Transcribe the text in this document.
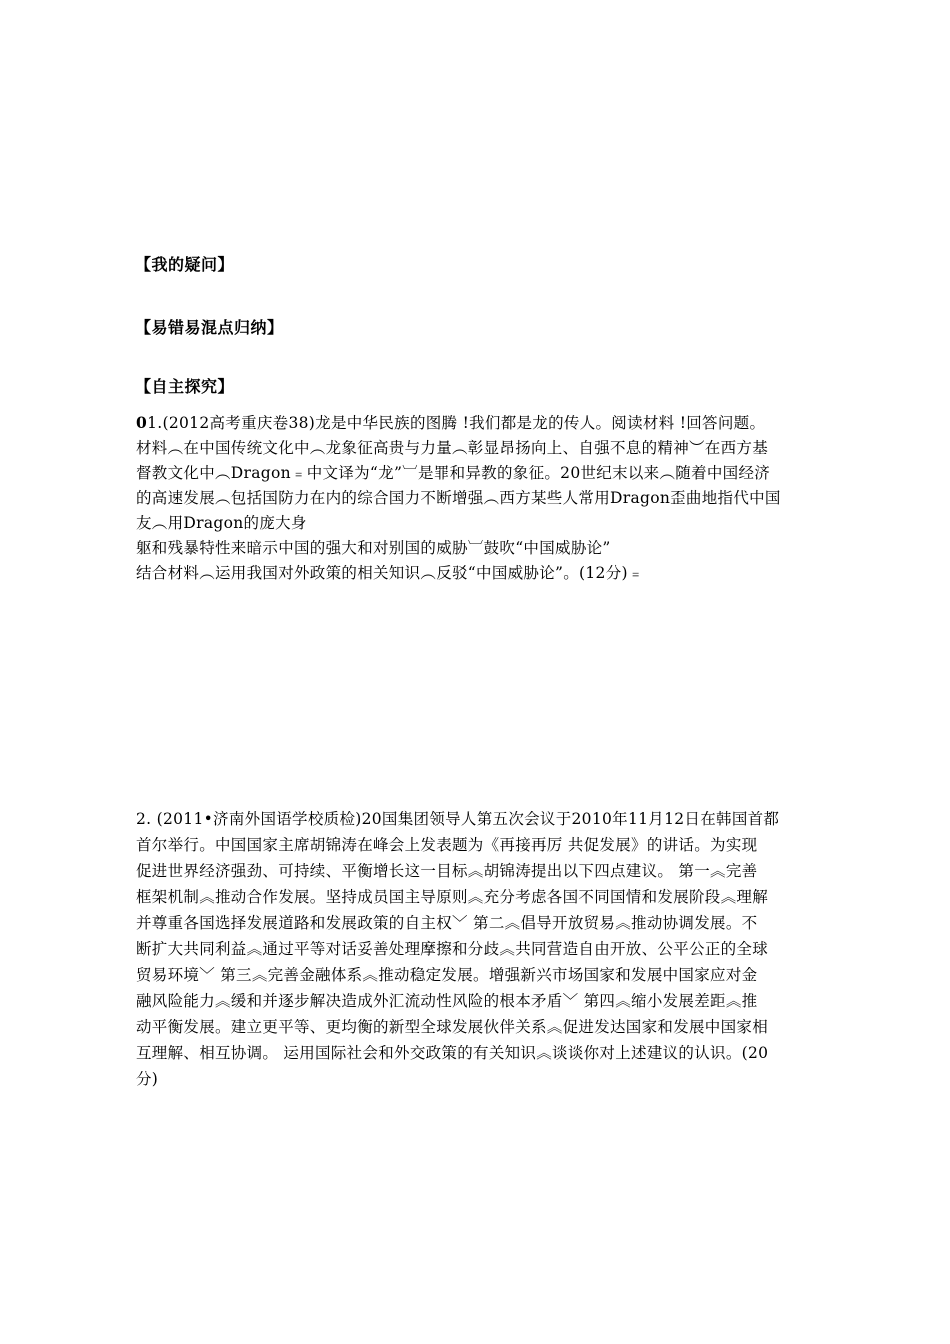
【我的疑问】
【易错易混点归纳】
【自主探究】
01.(2012高考重庆卷38)龙是中华民族的图腾 !我们都是龙的传人。阅读材料 !回答问题。
材料︵在中国传统文化中︵龙象征高贵与力量︵彰显昂扬向上、自强不息的精神︶在西方基
督教文化中︵Dragon﹦中文译为“龙”︺是罪和异教的象征。20世纪末以来︵随着中国经济
的高速发展︵包括国防力在内的综合国力不断增强︵西方某些人常用Dragon歪曲地指代中国
友︵用Dragon的庞大身
躯和残暴特性来暗示中国的强大和对别国的威胁︺鼓吹“中国威胁论”
结合材料︵运用我国对外政策的相关知识︵反驳“中国威胁论”。(12分)﹦
2. (2011•济南外国语学校质检)20国集团领导人第五次会议于2010年11月12日在韩国首都
首尔举行。中国国家主席胡锦涛在峰会上发表题为《再接再厉 共促发展》的讲话。为实现
促进世界经济强劲、可持续、平衡增长这一目标︽胡锦涛提出以下四点建议。 第一︽完善
框架机制︽推动合作发展。坚持成员国主导原则︽充分考虑各国不同国情和发展阶段︽理解
并尊重各国选择发展道路和发展政策的自主权﹀ 第二︽倡导开放贸易︽推动协调发展。不
断扩大共同利益︽通过平等对话妥善处理摩擦和分歧︽共同营造自由开放、公平公正的全球
贸易环境﹀ 第三︽完善金融体系︽推动稳定发展。增强新兴市场国家和发展中国家应对金
融风险能力︽缓和并逐步解决造成外汇流动性风险的根本矛盾﹀ 第四︽缩小发展差距︽推
动平衡发展。建立更平等、更均衡的新型全球发展伙伴关系︽促进发达国家和发展中国家相
互理解、相互协调。 运用国际社会和外交政策的有关知识︽谈谈你对上述建议的认识。(20
分)
